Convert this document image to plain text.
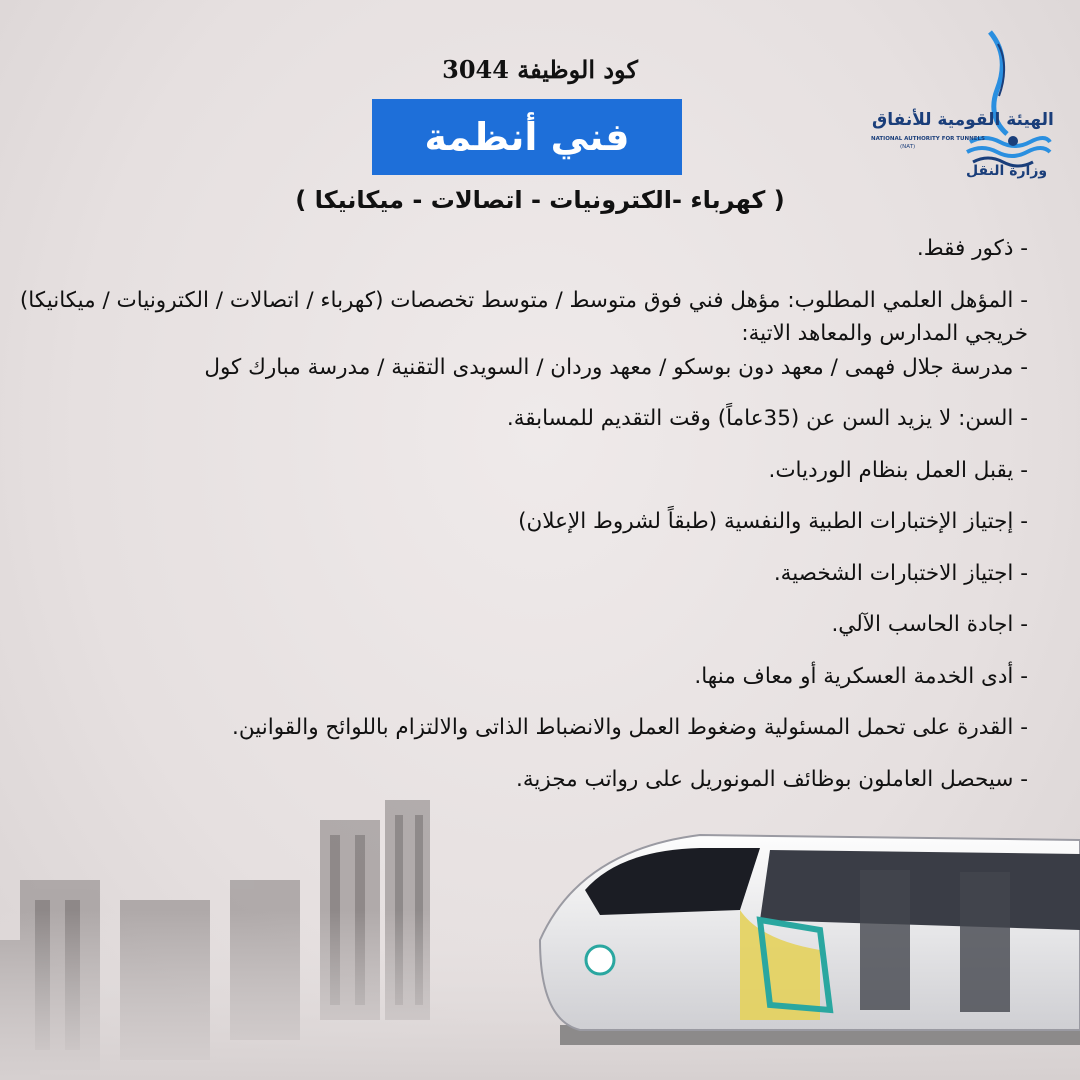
كود الوظيفة 3044
فني أنظمة
( كهرباء -الكترونيات - اتصالات - ميكانيكا )
الهيئة القومية للأنفاق
NATIONAL AUTHORITY FOR TUNNELS
(NAT)
وزارة النقل
- ذكور فقط.
- المؤهل العلمي المطلوب: مؤهل فني فوق متوسط / متوسط تخصصات (كهرباء / اتصالات / الكترونيات / ميكانيكا)
خريجي المدارس والمعاهد الاتية:
- مدرسة جلال فهمى / معهد دون بوسكو / معهد وردان / السويدى التقنية / مدرسة مبارك كول
- السن: لا يزيد السن عن (35عاماً) وقت التقديم للمسابقة.
- يقبل العمل بنظام الورديات.
- إجتياز الإختبارات الطبية والنفسية (طبقاً لشروط الإعلان)
- اجتياز الاختبارات الشخصية.
- اجادة الحاسب الآلي.
- أدى الخدمة العسكرية أو معاف منها.
- القدرة على تحمل المسئولية وضغوط العمل والانضباط الذاتى والالتزام باللوائح والقوانين.
- سيحصل العاملون بوظائف المونوريل على رواتب مجزية.
